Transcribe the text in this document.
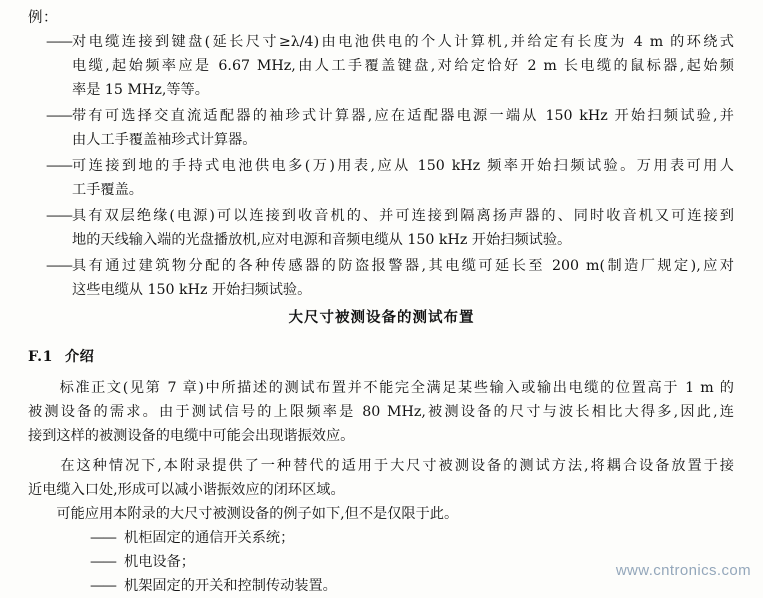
例：
—— 对电缆连接到键盘(延长尺寸≥λ/4)由电池供电的个人计算机,并给定有长度为 4 m 的环绕式
电缆,起始频率应是 6.67 MHz,由人工手覆盖键盘,对给定恰好 2 m 长电缆的鼠标器,起始频
率是 15 MHz,等等。
—— 带有可选择交直流适配器的袖珍式计算器,应在适配器电源一端从 150 kHz 开始扫频试验,并
由人工手覆盖袖珍式计算器。
—— 可连接到地的手持式电池供电多(万)用表,应从 150 kHz 频率开始扫频试验。万用表可用人
工手覆盖。
—— 具有双层绝缘(电源)可以连接到收音机的、并可连接到隔离扬声器的、同时收音机又可连接到
地的天线输入端的光盘播放机,应对电源和音频电缆从 150 kHz 开始扫频试验。
—— 具有通过建筑物分配的各种传感器的防盗报警器,其电缆可延长至 200 m(制造厂规定),应对
这些电缆从 150 kHz 开始扫频试验。
大尺寸被测设备的测试布置
F.1 介绍
　　标准正文(见第 7 章)中所描述的测试布置并不能完全满足某些输入或输出电缆的位置高于 1 m 的
被测设备的需求。由于测试信号的上限频率是 80 MHz,被测设备的尺寸与波长相比大得多,因此,连
接到这样的被测设备的电缆中可能会出现谐振效应。
　　在这种情况下,本附录提供了一种替代的适用于大尺寸被测设备的测试方法,将耦合设备放置于接
近电缆入口处,形成可以减小谐振效应的闭环区域。
　　可能应用本附录的大尺寸被测设备的例子如下,但不是仅限于此。
—— 机柜固定的通信开关系统；
—— 机电设备；
—— 机架固定的开关和控制传动装置。
www.cntronics.com
